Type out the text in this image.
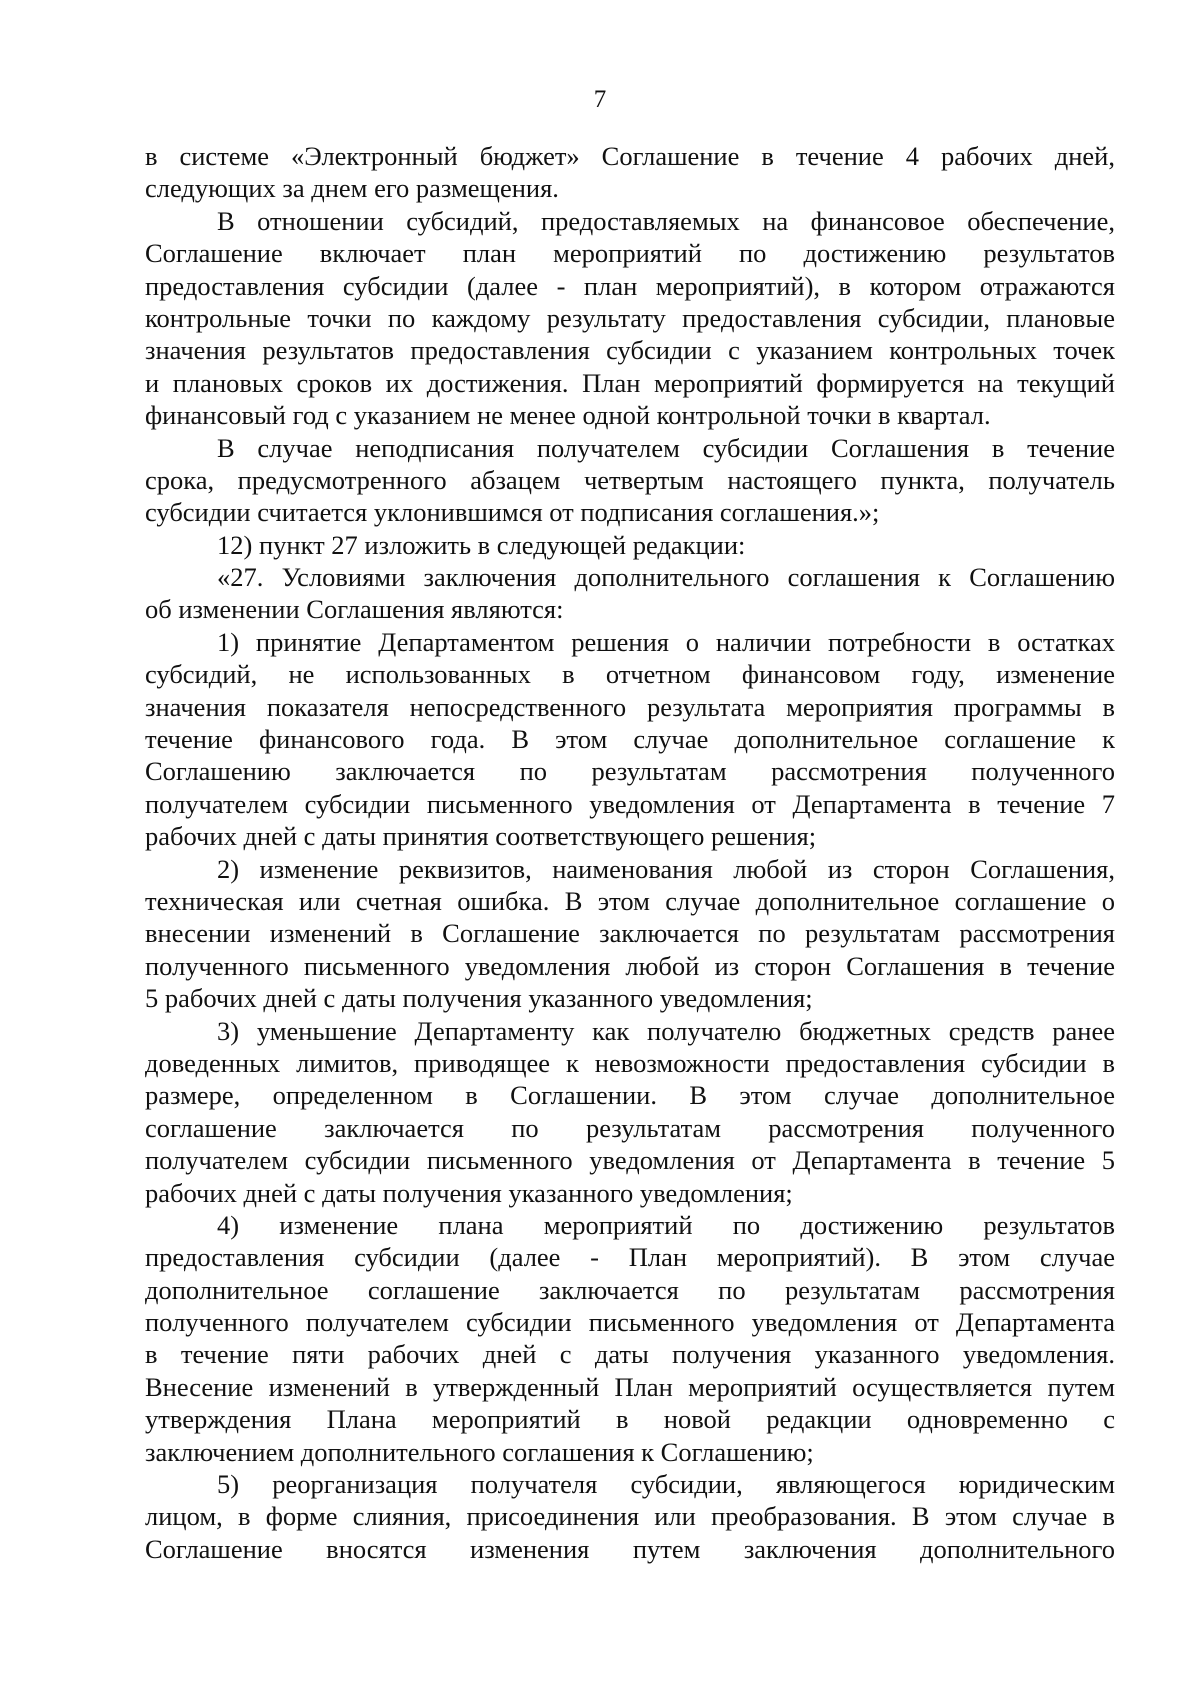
7
в системе «Электронный бюджет» Соглашение в течение 4 рабочих дней,
следующих за днем его размещения.
В отношении субсидий, предоставляемых на финансовое обеспечение,
Соглашение включает план мероприятий по достижению результатов
предоставления субсидии (далее - план мероприятий), в котором отражаются
контрольные точки по каждому результату предоставления субсидии, плановые
значения результатов предоставления субсидии с указанием контрольных точек
и плановых сроков их достижения. План мероприятий формируется на текущий
финансовый год с указанием не менее одной контрольной точки в квартал.
В случае неподписания получателем субсидии Соглашения в течение
срока, предусмотренного абзацем четвертым настоящего пункта, получатель
субсидии считается уклонившимся от подписания соглашения.»;
12) пункт 27 изложить в следующей редакции:
«27. Условиями заключения дополнительного соглашения к Соглашению
об изменении Соглашения являются:
1) принятие Департаментом решения о наличии потребности в остатках
субсидий, не использованных в отчетном финансовом году, изменение
значения показателя непосредственного результата мероприятия программы в
течение финансового года. В этом случае дополнительное соглашение к
Соглашению заключается по результатам рассмотрения полученного
получателем субсидии письменного уведомления от Департамента в течение 7
рабочих дней с даты принятия соответствующего решения;
2) изменение реквизитов, наименования любой из сторон Соглашения,
техническая или счетная ошибка. В этом случае дополнительное соглашение о
внесении изменений в Соглашение заключается по результатам рассмотрения
полученного письменного уведомления любой из сторон Соглашения в течение
5 рабочих дней с даты получения указанного уведомления;
3) уменьшение Департаменту как получателю бюджетных средств ранее
доведенных лимитов, приводящее к невозможности предоставления субсидии в
размере, определенном в Соглашении. В этом случае дополнительное
соглашение заключается по результатам рассмотрения полученного
получателем субсидии письменного уведомления от Департамента в течение 5
рабочих дней с даты получения указанного уведомления;
4) изменение плана мероприятий по достижению результатов
предоставления субсидии (далее - План мероприятий). В этом случае
дополнительное соглашение заключается по результатам рассмотрения
полученного получателем субсидии письменного уведомления от Департамента
в течение пяти рабочих дней с даты получения указанного уведомления.
Внесение изменений в утвержденный План мероприятий осуществляется путем
утверждения Плана мероприятий в новой редакции одновременно с
заключением дополнительного соглашения к Соглашению;
5) реорганизация получателя субсидии, являющегося юридическим
лицом, в форме слияния, присоединения или преобразования. В этом случае в
Соглашение вносятся изменения путем заключения дополнительного
